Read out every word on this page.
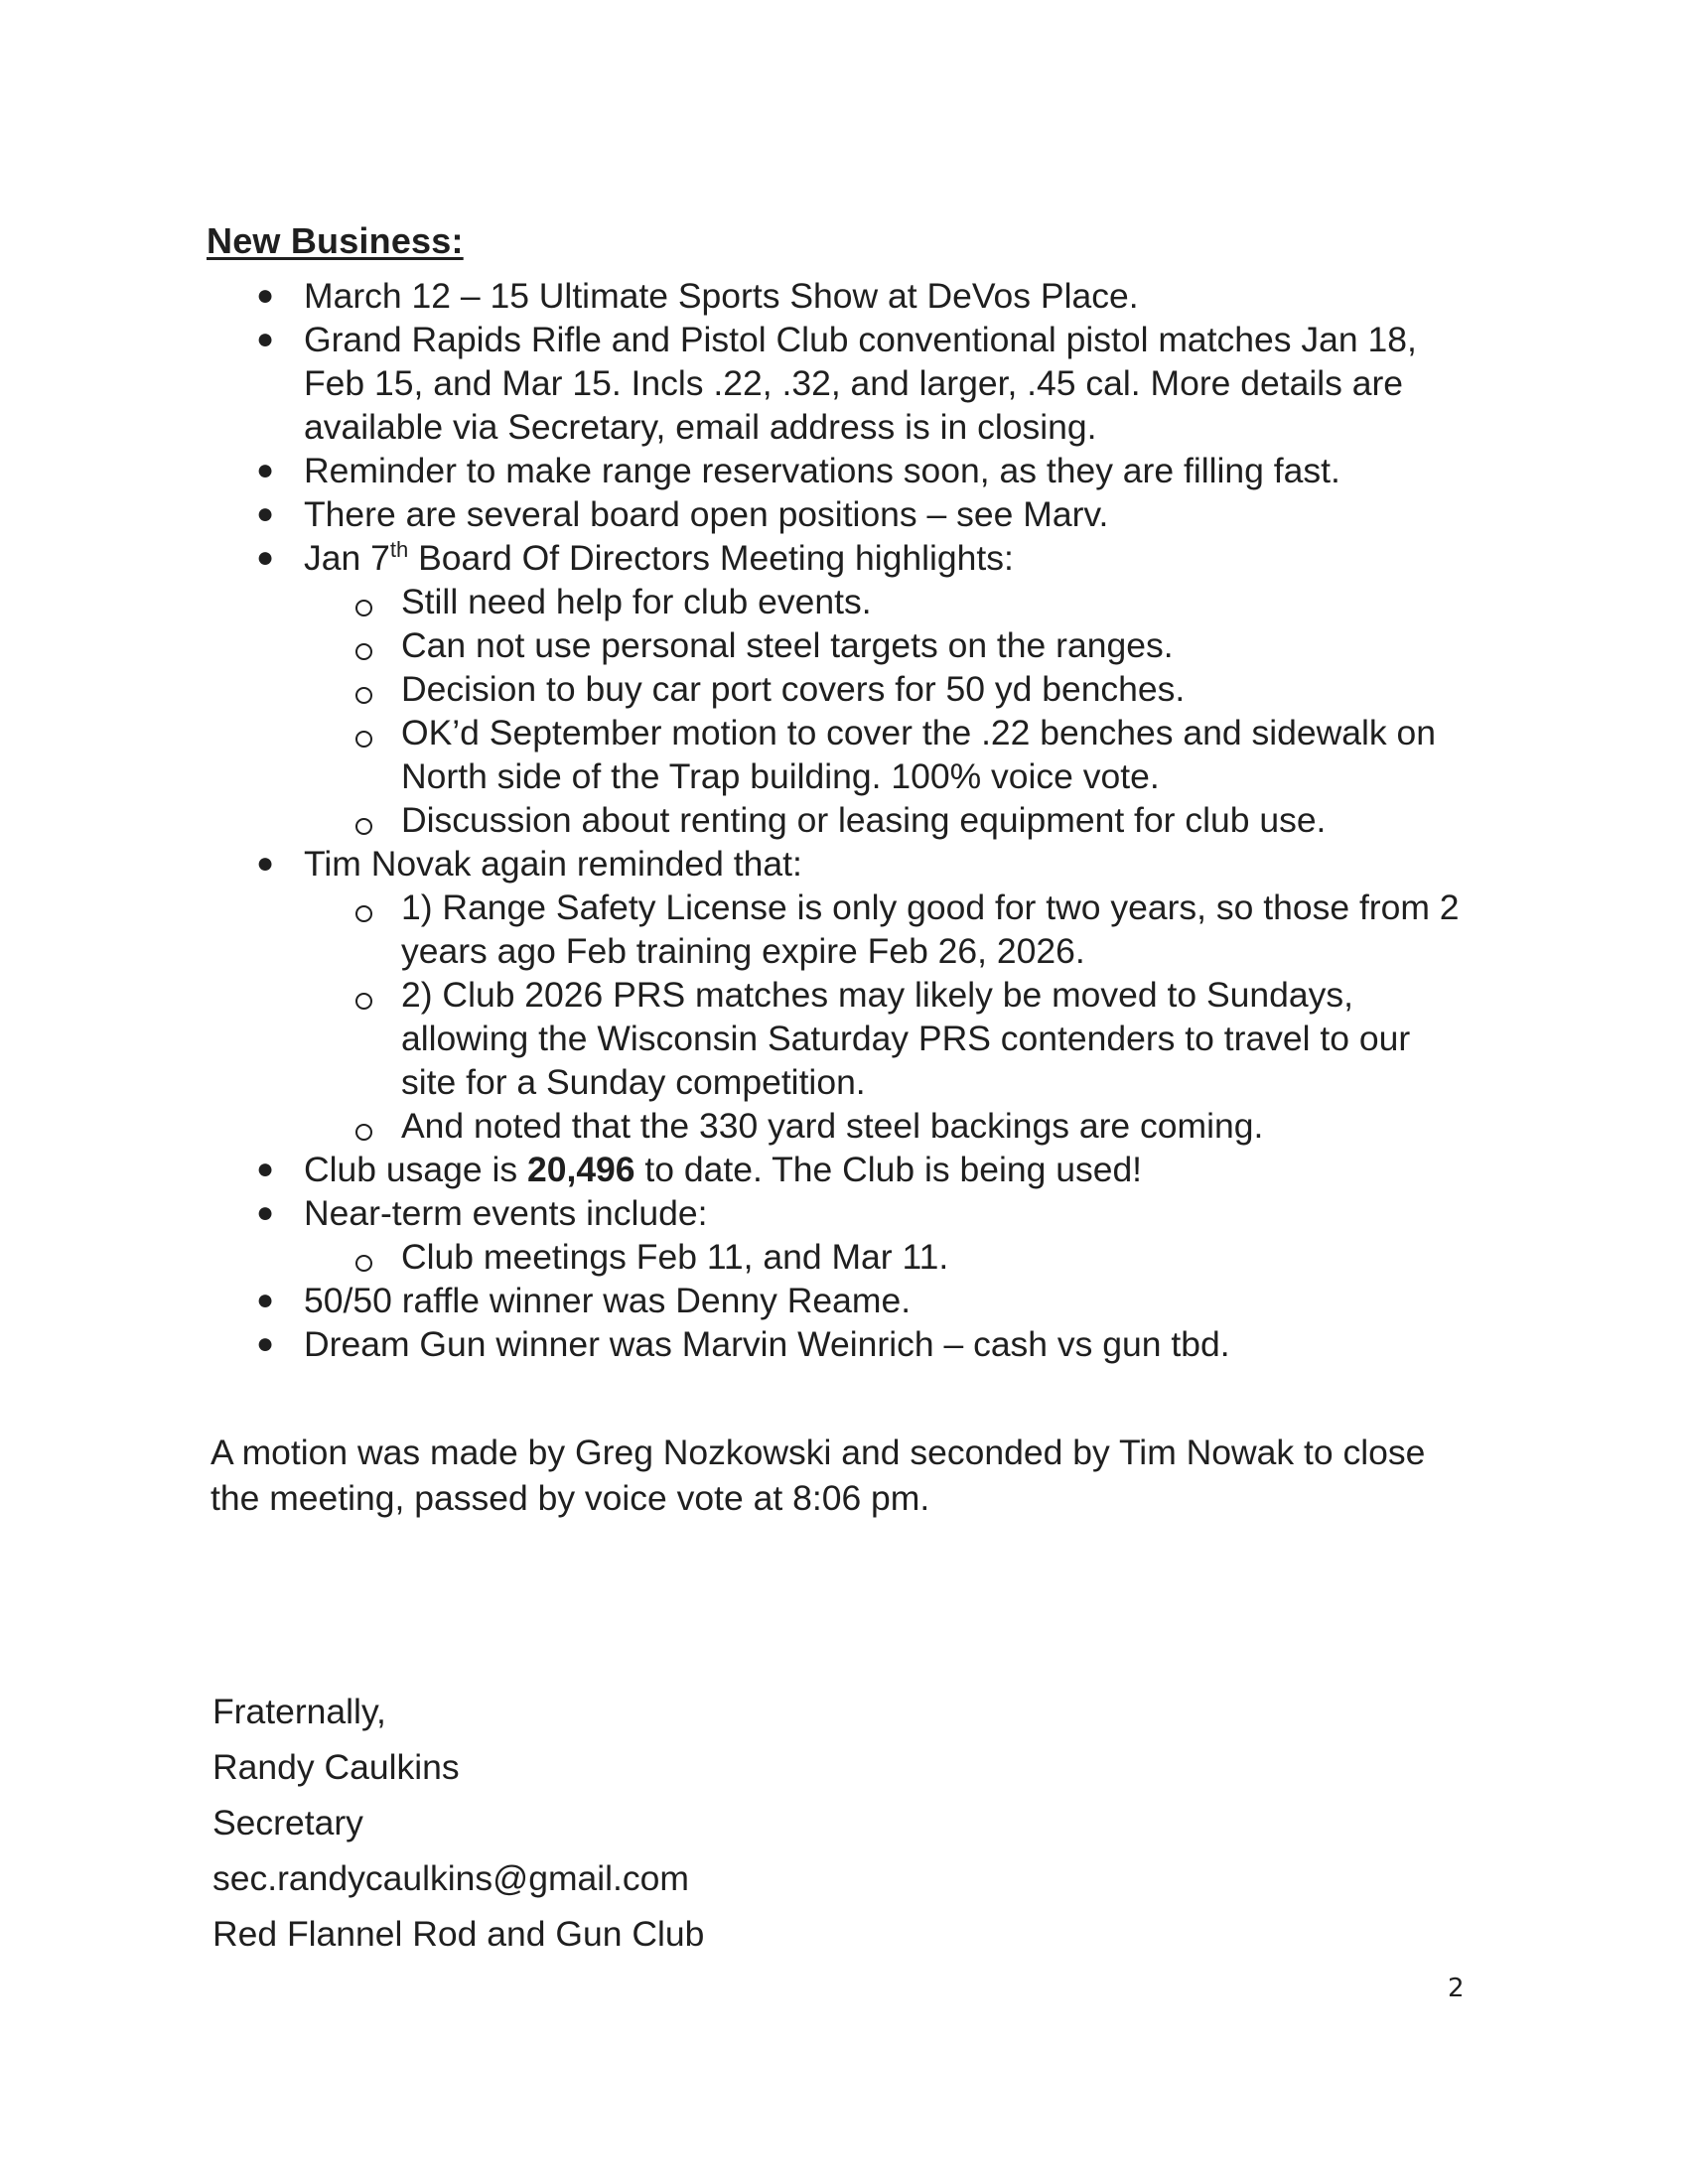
New Business:
● March 12 – 15 Ultimate Sports Show at DeVos Place.
● Grand Rapids Rifle and Pistol Club conventional pistol matches Jan 18, Feb 15, and Mar 15. Incls .22, .32, and larger, .45 cal. More details are available via Secretary, email address is in closing.
● Reminder to make range reservations soon, as they are filling fast.
● There are several board open positions – see Marv.
● Jan 7th Board Of Directors Meeting highlights:
Still need help for club events.
Can not use personal steel targets on the ranges.
Decision to buy car port covers for 50 yd benches.
OK’d September motion to cover the .22 benches and sidewalk on North side of the Trap building. 100% voice vote.
Discussion about renting or leasing equipment for club use.
● Tim Novak again reminded that:
1) Range Safety License is only good for two years, so those from 2 years ago Feb training expire Feb 26, 2026.
2) Club 2026 PRS matches may likely be moved to Sundays, allowing the Wisconsin Saturday PRS contenders to travel to our site for a Sunday competition.
And noted that the 330 yard steel backings are coming.
● Club usage is 20,496 to date. The Club is being used!
● Near-term events include:
Club meetings Feb 11, and Mar 11.
● 50/50 raffle winner was Denny Reame.
● Dream Gun winner was Marvin Weinrich – cash vs gun tbd.
A motion was made by Greg Nozkowski and seconded by Tim Nowak to close the meeting, passed by voice vote at 8:06 pm.
Fraternally,
Randy Caulkins
Secretary
sec.randycaulkins@gmail.com
Red Flannel Rod and Gun Club
2
